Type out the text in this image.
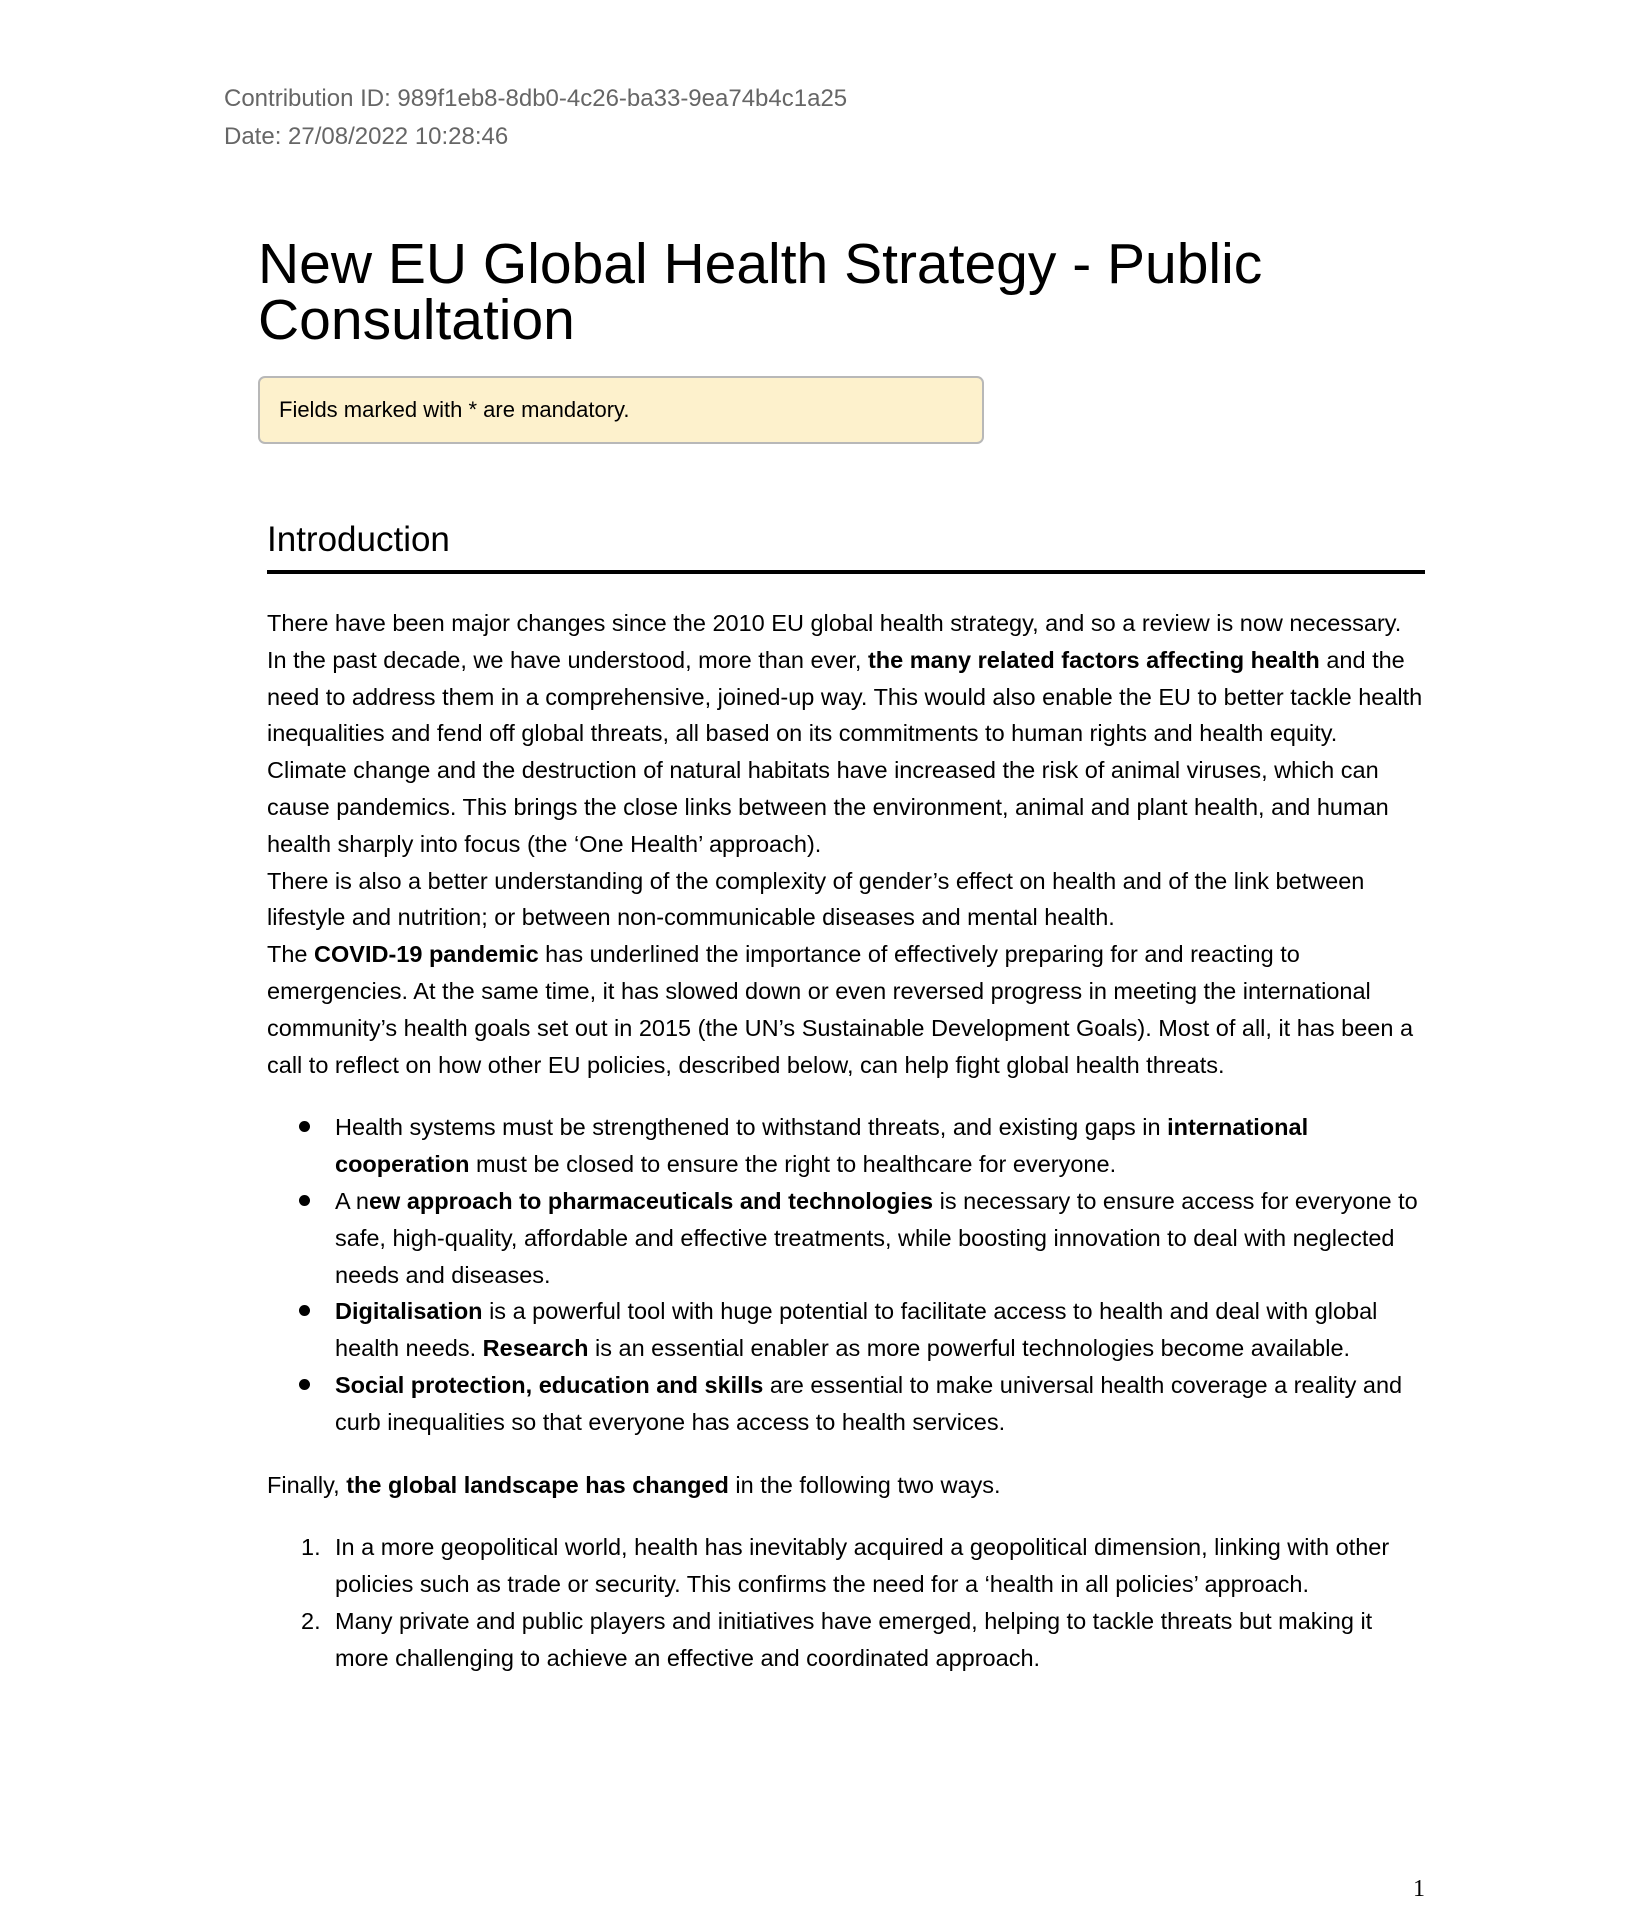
Contribution ID: 989f1eb8-8db0-4c26-ba33-9ea74b4c1a25
Date: 27/08/2022 10:28:46
New EU Global Health Strategy - Public Consultation
Fields marked with * are mandatory.
Introduction

There have been major changes since the 2010 EU global health strategy, and so a review is now necessary.

In the past decade, we have understood, more than ever, the many related factors affecting health and the need to address them in a comprehensive, joined-up way. This would also enable the EU to better tackle health inequalities and fend off global threats, all based on its commitments to human rights and health equity.

Climate change and the destruction of natural habitats have increased the risk of animal viruses, which can cause pandemics. This brings the close links between the environment, animal and plant health, and human health sharply into focus (the ‘One Health’ approach).

There is also a better understanding of the complexity of gender’s effect on health and of the link between lifestyle and nutrition; or between non-communicable diseases and mental health.

The COVID-19 pandemic has underlined the importance of effectively preparing for and reacting to emergencies. At the same time, it has slowed down or even reversed progress in meeting the international community’s health goals set out in 2015 (the UN’s Sustainable Development Goals). Most of all, it has been a call to reflect on how other EU policies, described below, can help fight global health threats.

Health systems must be strengthened to withstand threats, and existing gaps in international cooperation must be closed to ensure the right to healthcare for everyone.
A new approach to pharmaceuticals and technologies is necessary to ensure access for everyone to safe, high-quality, affordable and effective treatments, while boosting innovation to deal with neglected needs and diseases.
Digitalisation is a powerful tool with huge potential to facilitate access to health and deal with global health needs. Research is an essential enabler as more powerful technologies become available.
Social protection, education and skills are essential to make universal health coverage a reality and curb inequalities so that everyone has access to health services.

Finally, the global landscape has changed in the following two ways.

1. In a more geopolitical world, health has inevitably acquired a geopolitical dimension, linking with other policies such as trade or security. This confirms the need for a ‘health in all policies’ approach.
2. Many private and public players and initiatives have emerged, helping to tackle threats but making it more challenging to achieve an effective and coordinated approach.
1
